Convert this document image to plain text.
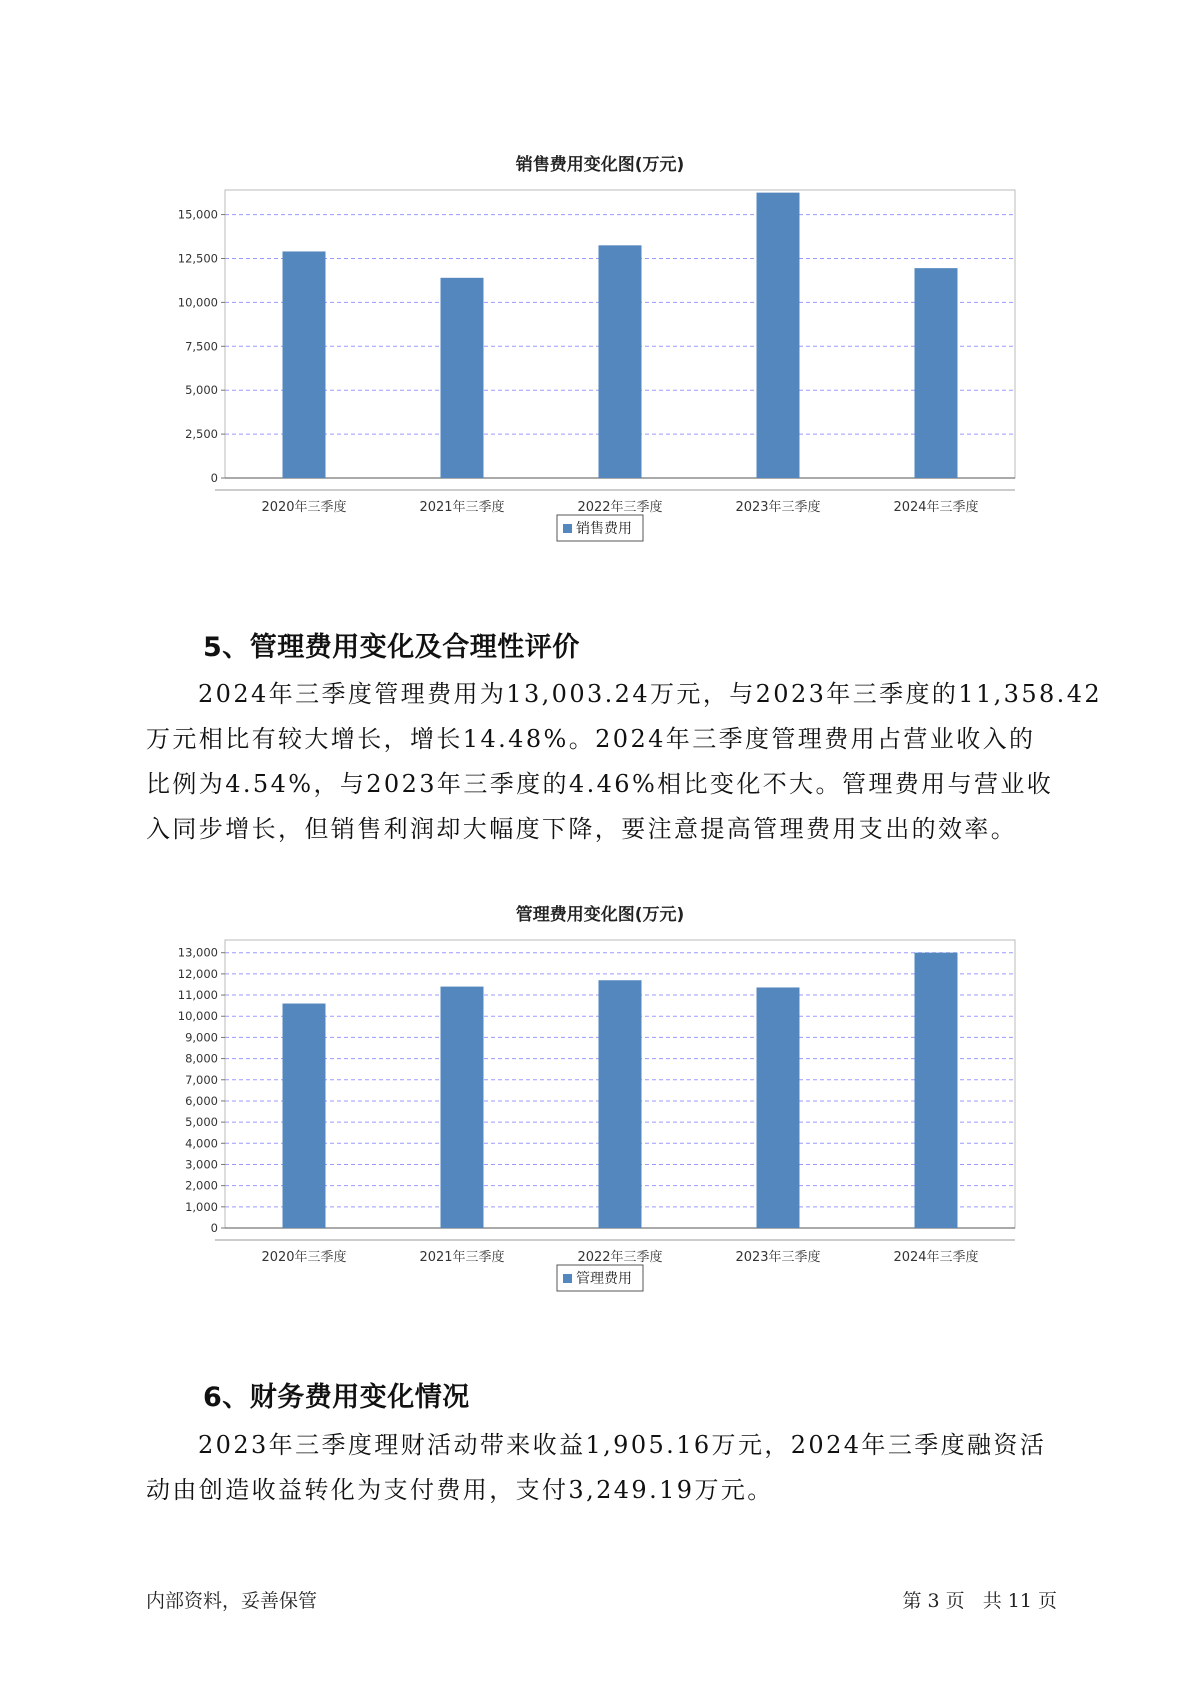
销售费用变化图(万元)
0
2,500
5,000
7,500
10,000
12,500
15,000
2020年三季度	2021年三季度	2022年三季度	2023年三季度	2024年三季度
销售费用
5、管理费用变化及合理性评价

2024年三季度管理费用为13,003.24万元，与2023年三季度的11,358.42
万元相比有较大增长，增长14.48%。2024年三季度管理费用占营业收入的
比例为4.54%，与2023年三季度的4.46%相比变化不大。管理费用与营业收
入同步增长，但销售利润却大幅度下降，要注意提高管理费用支出的效率。

管理费用变化图(万元)
0
1,000
2,000
3,000
4,000
5,000
6,000
7,000
8,000
9,000
10,000
11,000
12,000
13,000
2020年三季度	2021年三季度	2022年三季度	2023年三季度	2024年三季度
管理费用
6、财务费用变化情况

2023年三季度理财活动带来收益1,905.16万元，2024年三季度融资活
动由创造收益转化为支付费用，支付3,249.19万元。

内部资料，妥善保管	第 3 页   共 11 页
